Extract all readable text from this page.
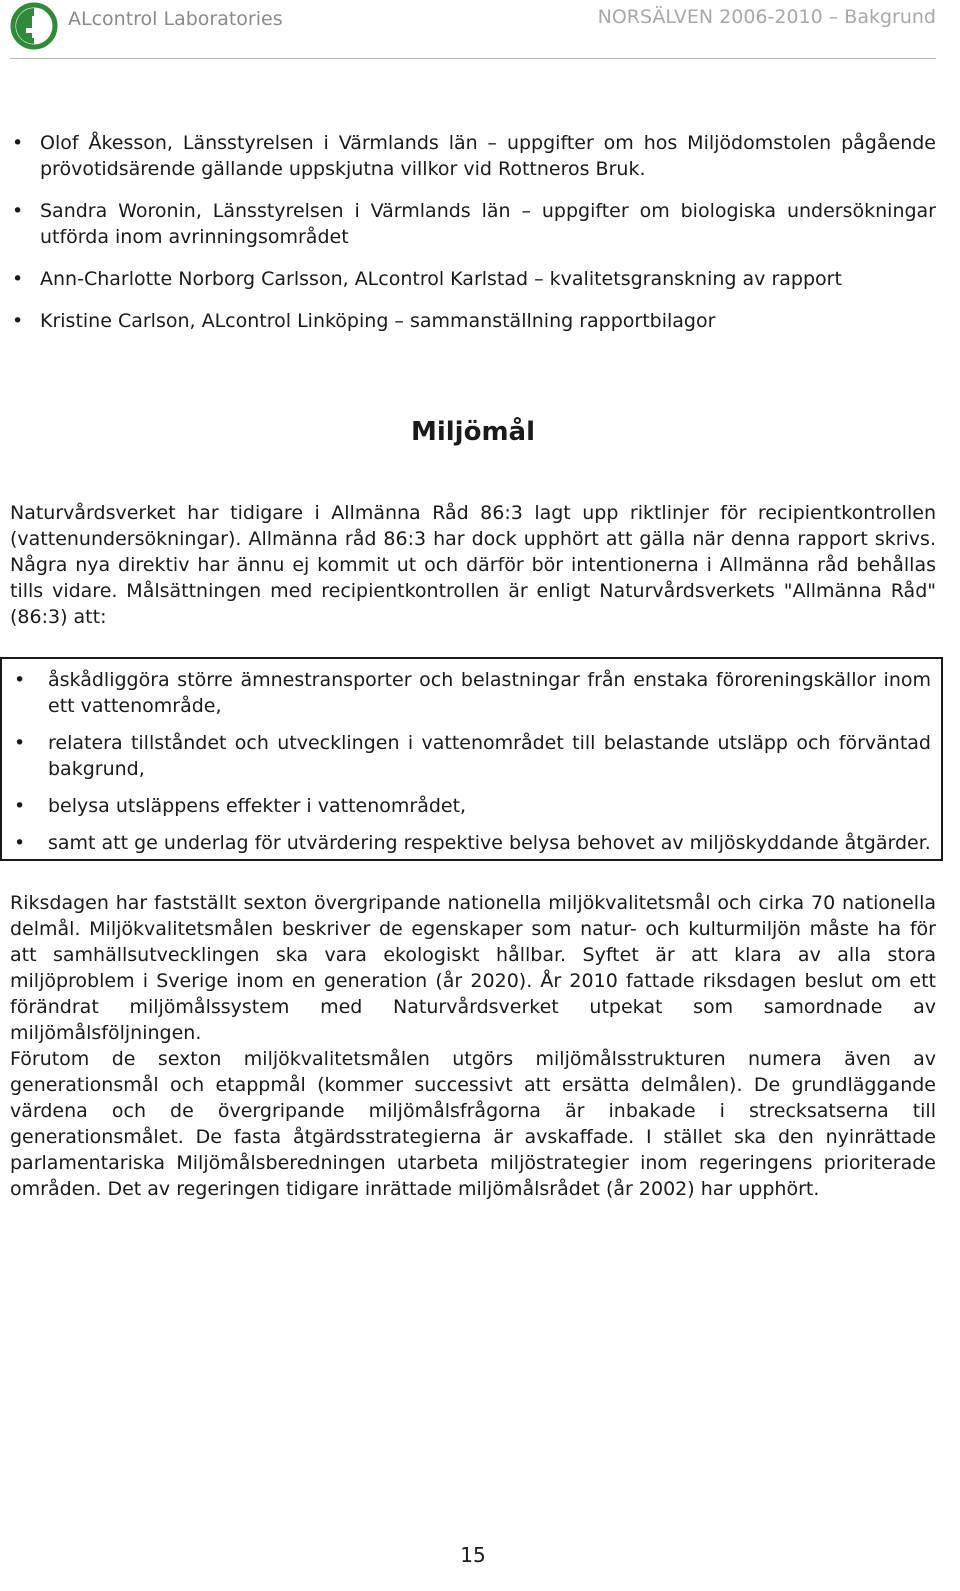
ALcontrol Laboratories	NORSÄLVEN 2006-2010 – Bakgrund
• Olof Åkesson, Länsstyrelsen i Värmlands län – uppgifter om hos Miljödomstolen pågående prövotidsärende gällande uppskjutna villkor vid Rottneros Bruk.
• Sandra Woronin, Länsstyrelsen i Värmlands län – uppgifter om biologiska undersökningar utförda inom avrinningsområdet
• Ann-Charlotte Norborg Carlsson, ALcontrol Karlstad – kvalitetsgranskning av rapport
• Kristine Carlson, ALcontrol Linköping – sammanställning rapportbilagor
Miljömål

Naturvårdsverket har tidigare i Allmänna Råd 86:3 lagt upp riktlinjer för recipientkontrollen (vattenundersökningar). Allmänna råd 86:3 har dock upphört att gälla när denna rapport skrivs. Några nya direktiv har ännu ej kommit ut och därför bör intentionerna i Allmänna råd behållas tills vidare. Målsättningen med recipientkontrollen är enligt Naturvårdsverkets "Allmänna Råd" (86:3) att:

• åskådliggöra större ämnestransporter och belastningar från enstaka föroreningskällor inom ett vattenområde,
• relatera tillståndet och utvecklingen i vattenområdet till belastande utsläpp och förväntad bakgrund,
• belysa utsläppens effekter i vattenområdet,
• samt att ge underlag för utvärdering respektive belysa behovet av miljöskyddande åtgärder.

Riksdagen har fastställt sexton övergripande nationella miljökvalitetsmål och cirka 70 nationella delmål. Miljökvalitetsmålen beskriver de egenskaper som natur- och kulturmiljön måste ha för att samhällsutvecklingen ska vara ekologiskt hållbar. Syftet är att klara av alla stora miljöproblem i Sverige inom en generation (år 2020). År 2010 fattade riksdagen beslut om ett förändrat miljömålssystem med Naturvårdsverket utpekat som samordnade av miljömålsföljningen.

Förutom de sexton miljökvalitetsmålen utgörs miljömålsstrukturen numera även av generationsmål och etappmål (kommer successivt att ersätta delmålen). De grundläggande värdena och de övergripande miljömålsfrågorna är inbakade i strecksatserna till generationsmålet. De fasta åtgärdsstrategierna är avskaffade. I stället ska den nyinrättade parlamentariska Miljömålsberedningen utarbeta miljöstrategier inom regeringens prioriterade områden. Det av regeringen tidigare inrättade miljömålsrådet (år 2002) har upphört.

15
